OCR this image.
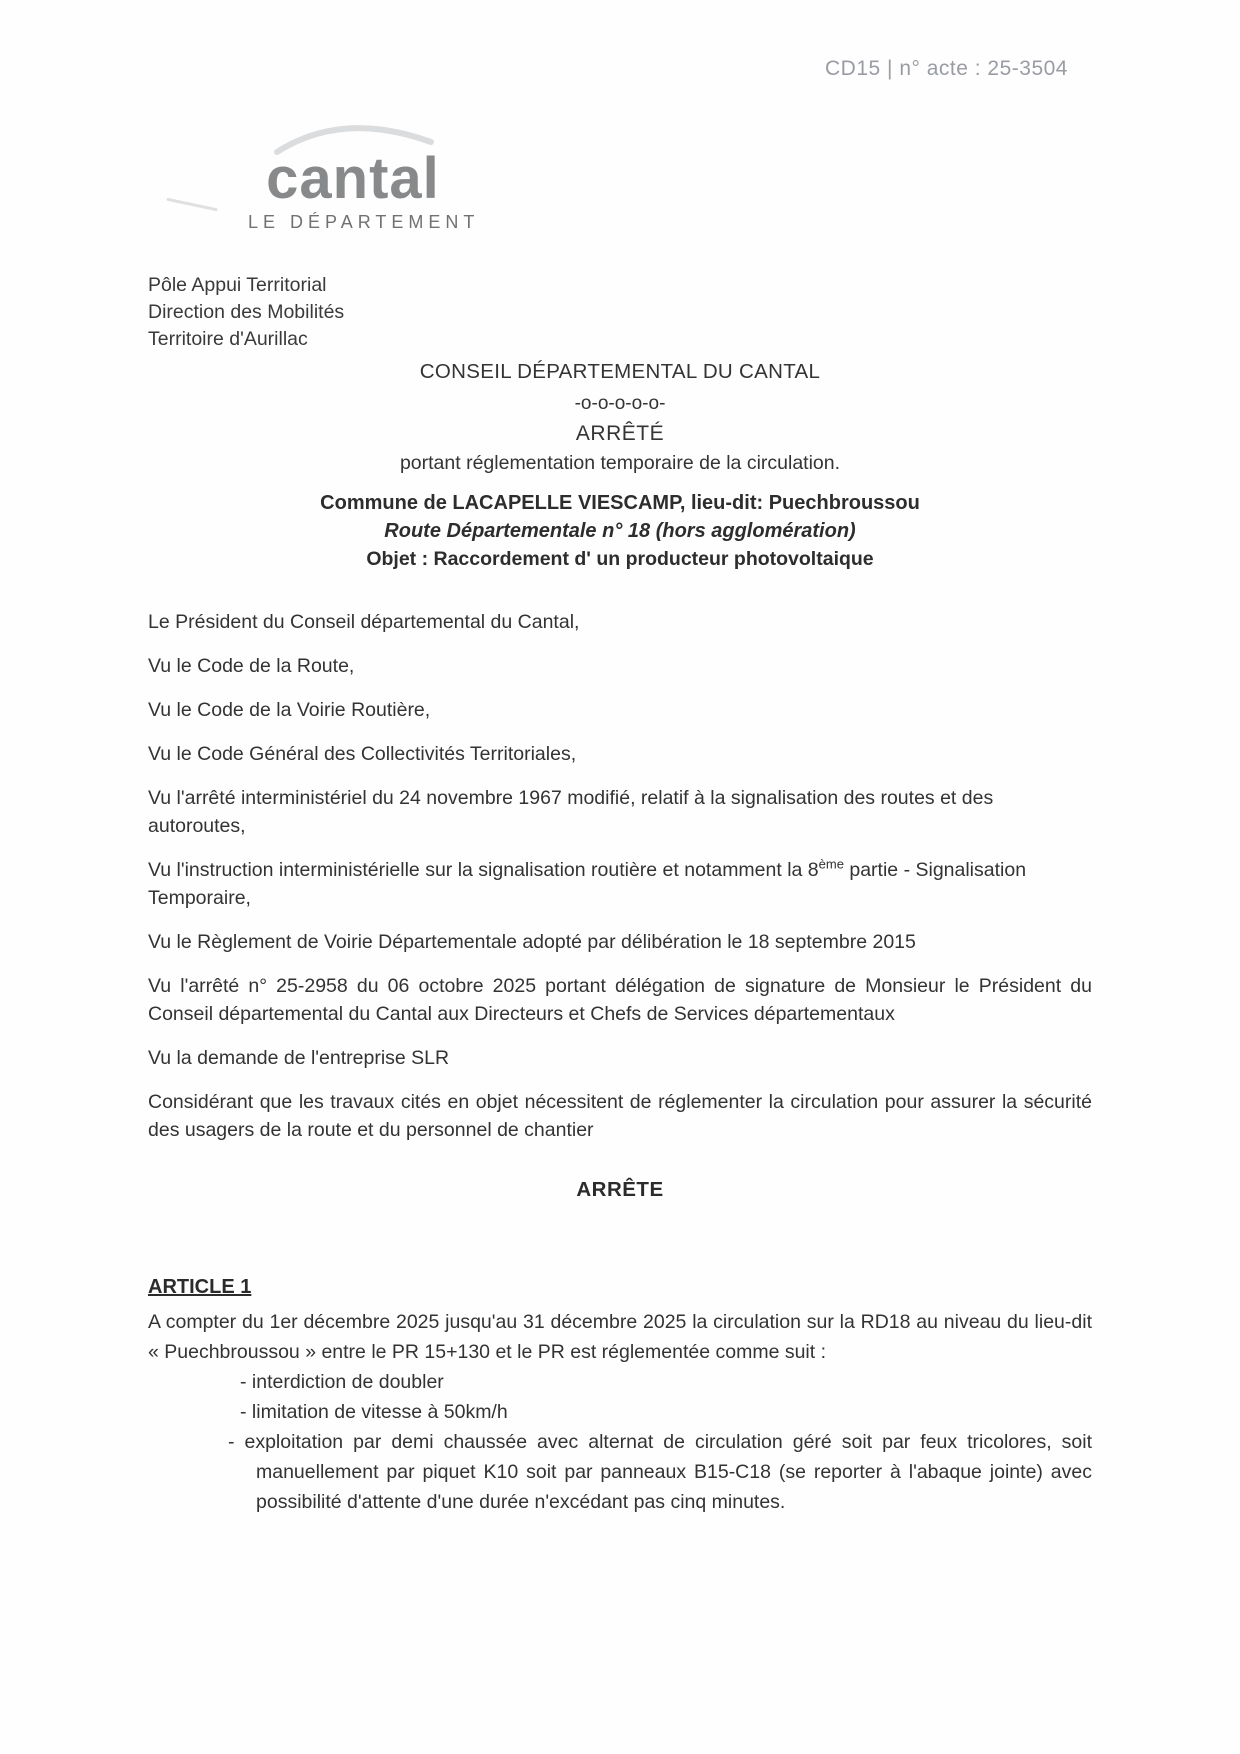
CD15 | n° acte : 25-3504
cantal
LE DÉPARTEMENT
Pôle Appui Territorial
Direction des Mobilités
Territoire d'Aurillac
CONSEIL DÉPARTEMENTAL DU CANTAL
-o-o-o-o-o-
ARRÊTÉ
portant réglementation temporaire de la circulation.
Commune de LACAPELLE VIESCAMP, lieu-dit: Puechbroussou
Route Départementale n° 18 (hors agglomération)
Objet : Raccordement d' un producteur photovoltaique

Le Président du Conseil départemental du Cantal,

Vu le Code de la Route,

Vu le Code de la Voirie Routière,

Vu le Code Général des Collectivités Territoriales,

Vu l'arrêté interministériel du 24 novembre 1967 modifié, relatif à la signalisation des routes et des autoroutes,

Vu l'instruction interministérielle sur la signalisation routière et notamment la 8ème partie - Signalisation Temporaire,

Vu le Règlement de Voirie Départementale adopté par délibération le 18 septembre 2015

Vu l'arrêté n° 25-2958 du 06 octobre 2025 portant délégation de signature de Monsieur le Président du Conseil départemental du Cantal aux Directeurs et Chefs de Services départementaux

Vu la demande de l'entreprise SLR

Considérant que les travaux cités en objet nécessitent de réglementer la circulation pour assurer la sécurité des usagers de la route et du personnel de chantier

ARRÊTE
ARTICLE 1

A compter du 1er décembre 2025 jusqu'au 31 décembre 2025 la circulation sur la RD18 au niveau du lieu-dit « Puechbroussou » entre le PR 15+130 et le PR est réglementée comme suit :

- interdiction de doubler
- limitation de vitesse à 50km/h
- exploitation par demi chaussée avec alternat de circulation géré soit par feux tricolores, soit manuellement par piquet K10 soit par panneaux B15-C18 (se reporter à l'abaque jointe) avec possibilité d'attente d'une durée n'excédant pas cinq minutes.
